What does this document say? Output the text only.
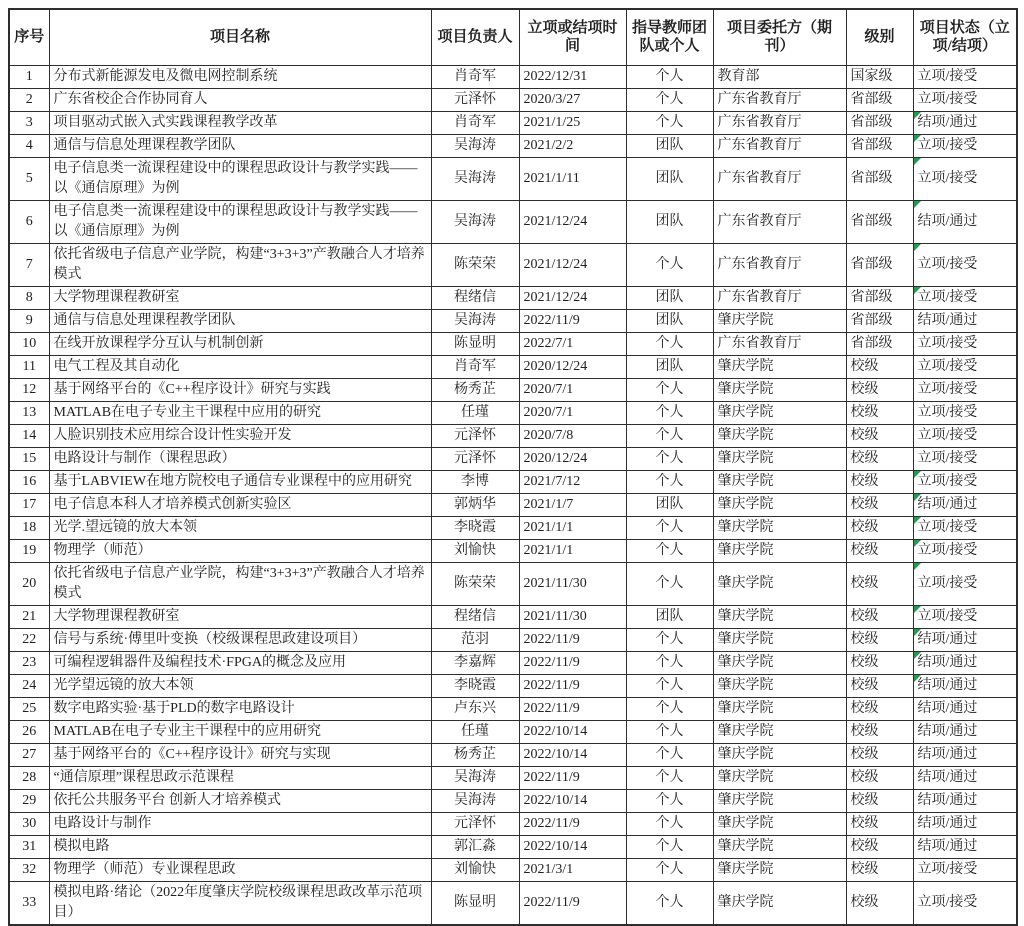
序号	项目名称	项目负责人	立项或结项时间	指导教师团队或个人	项目委托方（期刊）	级别	项目状态（立项/结项）
1	分布式新能源发电及微电网控制系统	肖奇军	2022/12/31	个人	教育部	国家级	立项/接受
2	广东省校企合作协同育人	元泽怀	2020/3/27	个人	广东省教育厅	省部级	立项/接受
3	项目驱动式嵌入式实践课程教学改革	肖奇军	2021/1/25	个人	广东省教育厅	省部级	结项/通过
4	通信与信息处理课程教学团队	吴海涛	2021/2/2	团队	广东省教育厅	省部级	立项/接受
5	电子信息类一流课程建设中的课程思政设计与教学实践——以《通信原理》为例	吴海涛	2021/1/11	团队	广东省教育厅	省部级	立项/接受
6	电子信息类一流课程建设中的课程思政设计与教学实践——以《通信原理》为例	吴海涛	2021/12/24	团队	广东省教育厅	省部级	结项/通过
7	依托省级电子信息产业学院，构建“3+3+3”产教融合人才培养模式	陈荣荣	2021/12/24	个人	广东省教育厅	省部级	立项/接受
8	大学物理课程教研室	程绪信	2021/12/24	团队	广东省教育厅	省部级	立项/接受
9	通信与信息处理课程教学团队	吴海涛	2022/11/9	团队	肇庆学院	省部级	结项/通过
10	在线开放课程学分互认与机制创新	陈显明	2022/7/1	个人	广东省教育厅	省部级	立项/接受
11	电气工程及其自动化	肖奇军	2020/12/24	团队	肇庆学院	校级	立项/接受
12	基于网络平台的《C++程序设计》研究与实践	杨秀芷	2020/7/1	个人	肇庆学院	校级	立项/接受
13	MATLAB在电子专业主干课程中应用的研究	任瑾	2020/7/1	个人	肇庆学院	校级	立项/接受
14	人脸识别技术应用综合设计性实验开发	元泽怀	2020/7/8	个人	肇庆学院	校级	立项/接受
15	电路设计与制作（课程思政）	元泽怀	2020/12/24	个人	肇庆学院	校级	立项/接受
16	基于LABVIEW在地方院校电子通信专业课程中的应用研究	李博	2021/7/12	个人	肇庆学院	校级	立项/接受
17	电子信息本科人才培养模式创新实验区	郭炳华	2021/1/7	团队	肇庆学院	校级	结项/通过
18	光学.望远镜的放大本领	李晓霞	2021/1/1	个人	肇庆学院	校级	立项/接受
19	物理学（师范）	刘愉快	2021/1/1	个人	肇庆学院	校级	立项/接受
20	依托省级电子信息产业学院，构建“3+3+3”产教融合人才培养模式	陈荣荣	2021/11/30	个人	肇庆学院	校级	立项/接受
21	大学物理课程教研室	程绪信	2021/11/30	团队	肇庆学院	校级	立项/接受
22	信号与系统·傅里叶变换（校级课程思政建设项目）	范羽	2022/11/9	个人	肇庆学院	校级	结项/通过
23	可编程逻辑器件及编程技术·FPGA的概念及应用	李嘉辉	2022/11/9	个人	肇庆学院	校级	结项/通过
24	光学望远镜的放大本领	李晓霞	2022/11/9	个人	肇庆学院	校级	结项/通过
25	数字电路实验·基于PLD的数字电路设计	卢东兴	2022/11/9	个人	肇庆学院	校级	结项/通过
26	MATLAB在电子专业主干课程中的应用研究	任瑾	2022/10/14	个人	肇庆学院	校级	结项/通过
27	基于网络平台的《C++程序设计》研究与实现	杨秀芷	2022/10/14	个人	肇庆学院	校级	结项/通过
28	“通信原理”课程思政示范课程	吴海涛	2022/11/9	个人	肇庆学院	校级	结项/通过
29	依托公共服务平台 创新人才培养模式	吴海涛	2022/10/14	个人	肇庆学院	校级	结项/通过
30	电路设计与制作	元泽怀	2022/11/9	个人	肇庆学院	校级	结项/通过
31	模拟电路	郭汇淼	2022/10/14	个人	肇庆学院	校级	结项/通过
32	物理学（师范）专业课程思政	刘愉快	2021/3/1	个人	肇庆学院	校级	立项/接受
33	模拟电路·绪论（2022年度肇庆学院校级课程思政改革示范项目）	陈显明	2022/11/9	个人	肇庆学院	校级	立项/接受
